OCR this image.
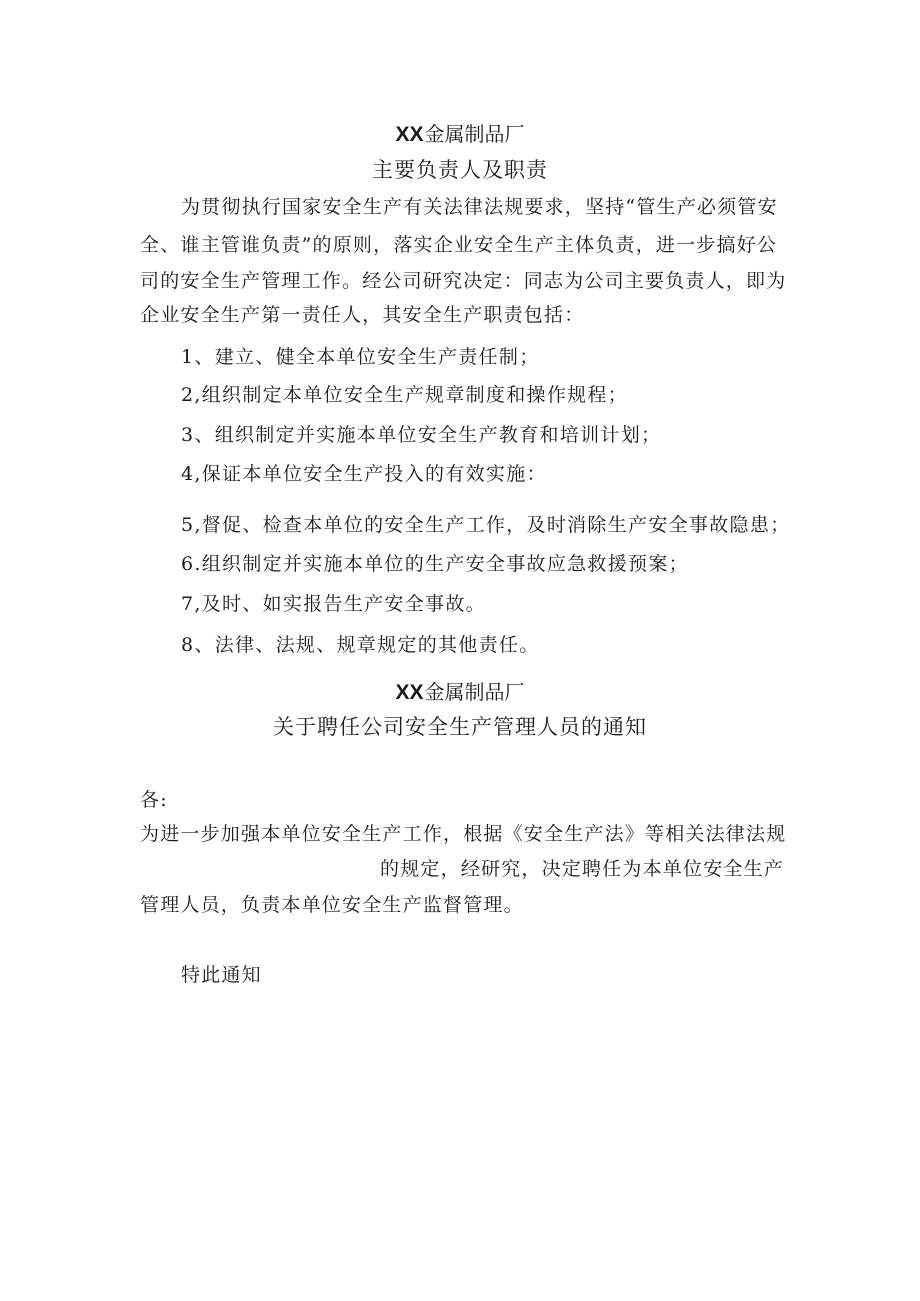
XX金属制品厂
主要负责人及职责
为贯彻执行国家安全生产有关法律法规要求，坚持“管生产必须管安
全、谁主管谁负责”的原则，落实企业安全生产主体负责，进一步搞好公
司的安全生产管理工作。经公司研究决定：同志为公司主要负责人，即为
企业安全生产第一责任人，其安全生产职责包括：
1、建立、健全本单位安全生产责任制；
2,组织制定本单位安全生产规章制度和操作规程；
3、组织制定并实施本单位安全生产教育和培训计划；
4,保证本单位安全生产投入的有效实施：
5,督促、检查本单位的安全生产工作，及时消除生产安全事故隐患；
6.组织制定并实施本单位的生产安全事故应急救援预案；
7,及时、如实报告生产安全事故。
8、法律、法规、规章规定的其他责任。
XX金属制品厂
关于聘任公司安全生产管理人员的通知
各:
为进一步加强本单位安全生产工作，根据《安全生产法》等相关法律法规
的规定，经研究，决定聘任为本单位安全生产
管理人员，负责本单位安全生产监督管理。
特此通知
